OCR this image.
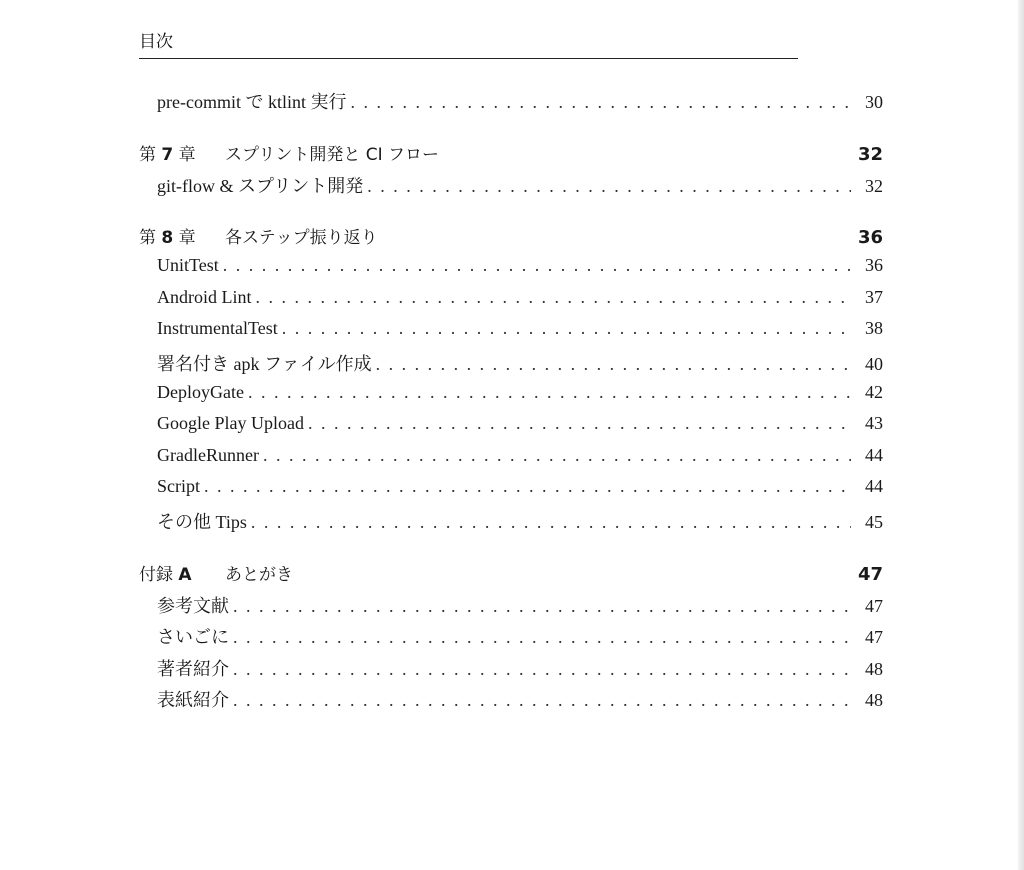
目次
pre-commit で ktlint 実行 . . .	30
第 7 章	スプリント開発と CI フロー	32
git-flow & スプリント開発 . . .	32
第 8 章	各ステップ振り返り	36
UnitTest . . .	36
Android Lint . . .	37
InstrumentalTest . . .	38
署名付き apk ファイル作成 . . .	40
DeployGate . . .	42
Google Play Upload . . .	43
GradleRunner . . .	44
Script . . .	44
その他 Tips . . .	45
付録 A	あとがき	47
参考文献 . . .	47
さいごに . . .	47
著者紹介 . . .	48
表紙紹介 . . .	48
